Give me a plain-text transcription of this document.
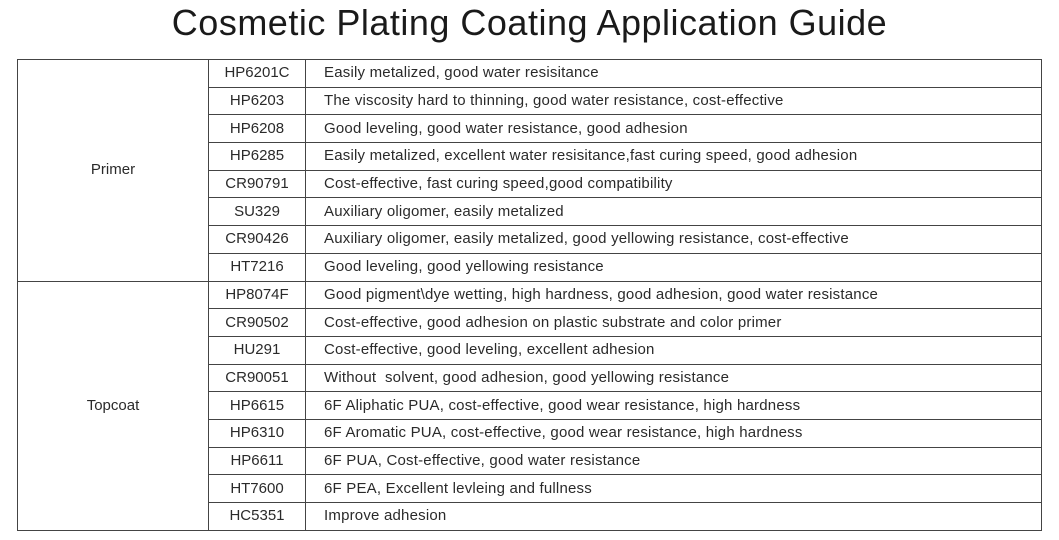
Cosmetic Plating Coating Application Guide
Primer	HP6201C	Easily metalized, good water resisitance
	HP6203	The viscosity hard to thinning, good water resistance, cost-effective
	HP6208	Good leveling, good water resistance, good adhesion
	HP6285	Easily metalized, excellent water resisitance,fast curing speed, good adhesion
	CR90791	Cost-effective, fast curing speed,good compatibility
	SU329	Auxiliary oligomer, easily metalized
	CR90426	Auxiliary oligomer, easily metalized, good yellowing resistance, cost-effective
	HT7216	Good leveling, good yellowing resistance
Topcoat	HP8074F	Good pigment\dye wetting, high hardness, good adhesion, good water resistance
	CR90502	Cost-effective, good adhesion on plastic substrate and color primer
	HU291	Cost-effective, good leveling, excellent adhesion
	CR90051	Without  solvent, good adhesion, good yellowing resistance
	HP6615	6F Aliphatic PUA, cost-effective, good wear resistance, high hardness
	HP6310	6F Aromatic PUA, cost-effective, good wear resistance, high hardness
	HP6611	6F PUA, Cost-effective, good water resistance
	HT7600	6F PEA, Excellent levleing and fullness
	HC5351	Improve adhesion
